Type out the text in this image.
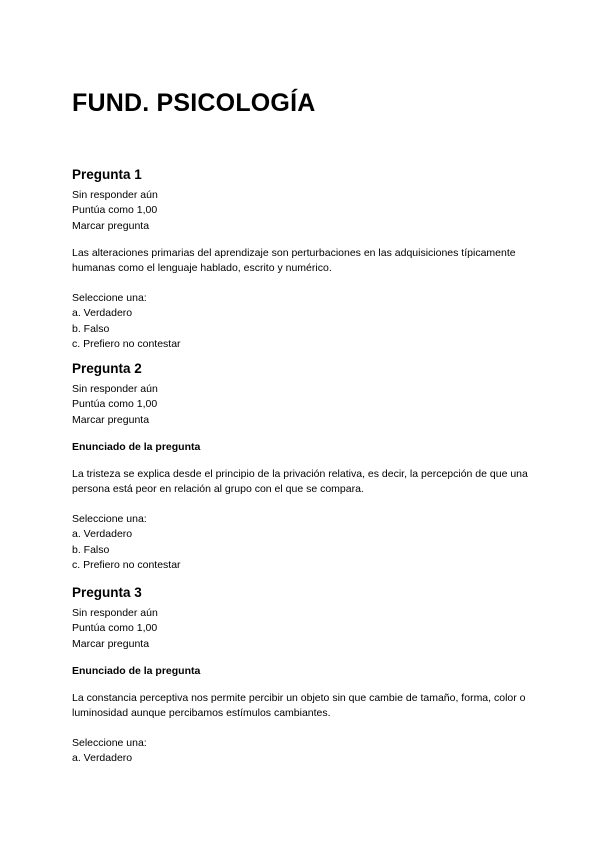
FUND. PSICOLOGÍA
Pregunta 1
Sin responder aún
Puntúa como 1,00
Marcar pregunta

Las alteraciones primarias del aprendizaje son perturbaciones en las adquisiciones típicamente humanas como el lenguaje hablado, escrito y numérico.

Seleccione una:
a. Verdadero
b. Falso
c. Prefiero no contestar
Pregunta 2
Sin responder aún
Puntúa como 1,00
Marcar pregunta
Enunciado de la pregunta

La tristeza se explica desde el principio de la privación relativa, es decir, la percepción de que una persona está peor en relación al grupo con el que se compara.

Seleccione una:
a. Verdadero
b. Falso
c. Prefiero no contestar
Pregunta 3
Sin responder aún
Puntúa como 1,00
Marcar pregunta
Enunciado de la pregunta

La constancia perceptiva nos permite percibir un objeto sin que cambie de tamaño, forma, color o luminosidad aunque percibamos estímulos cambiantes.

Seleccione una:
a. Verdadero
